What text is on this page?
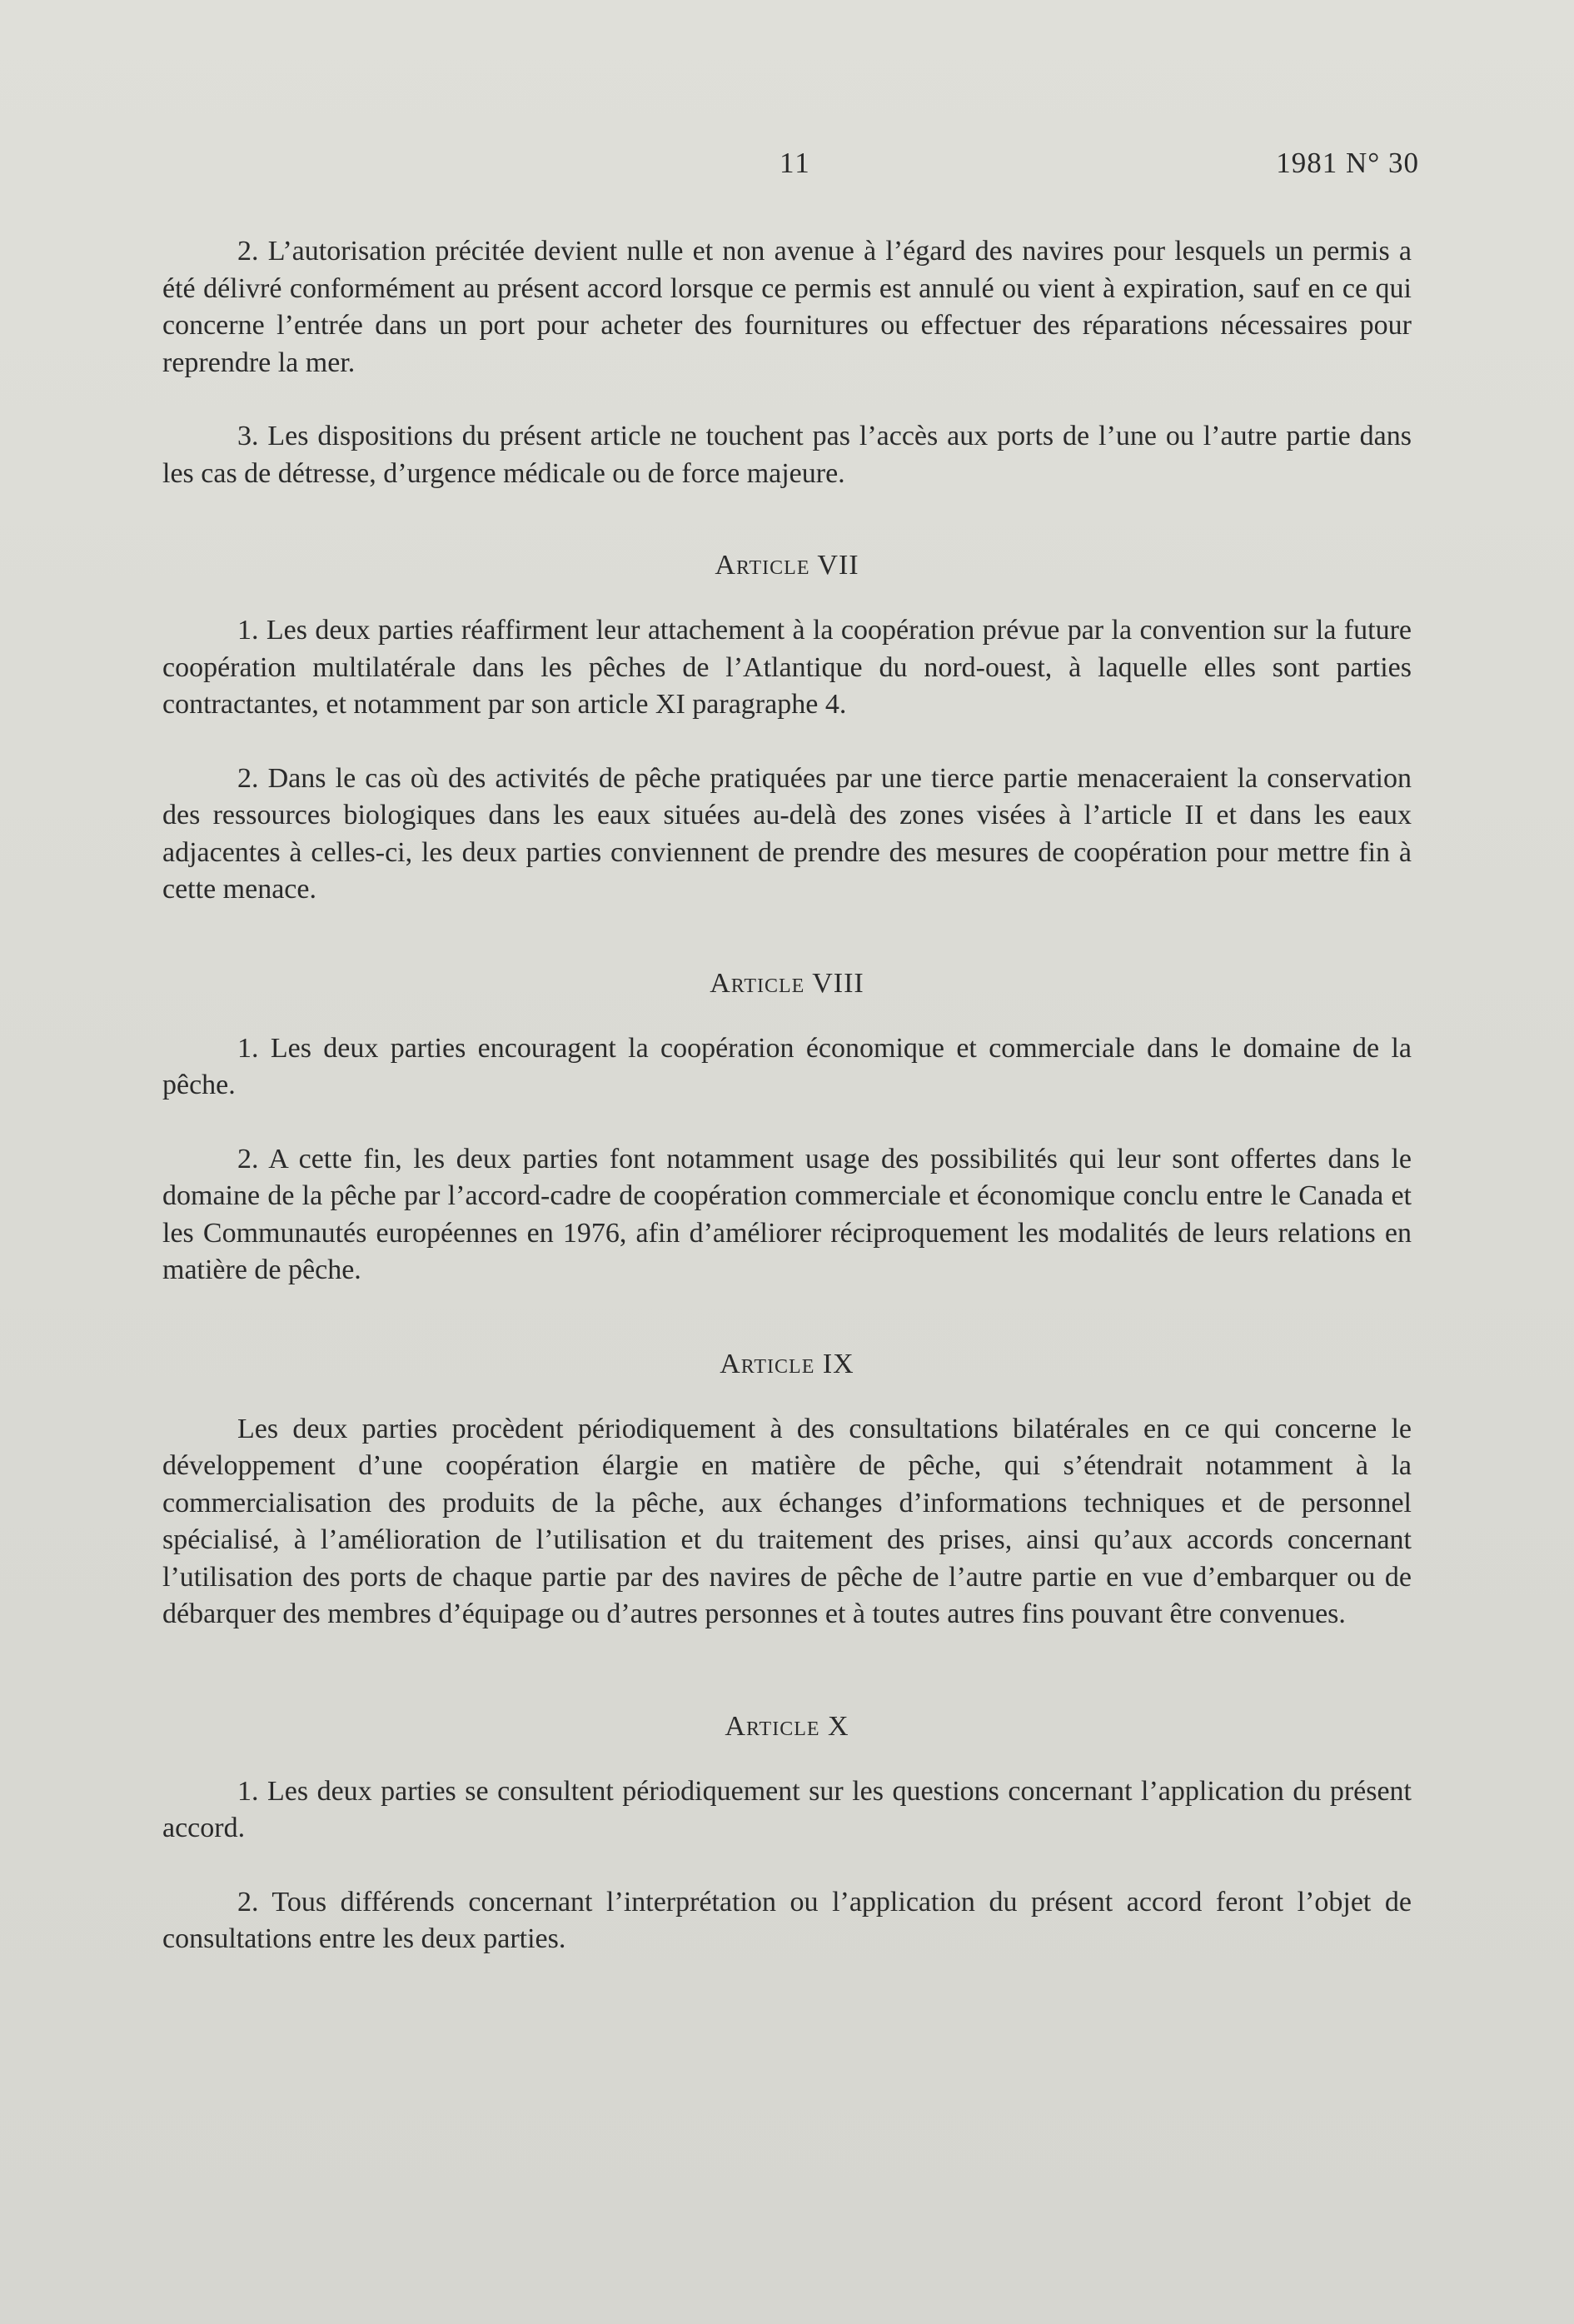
11	1981 N° 30

2. L’autorisation précitée devient nulle et non avenue à l’égard des navires pour lesquels un permis a été délivré conformément au présent accord lorsque ce permis est annulé ou vient à expiration, sauf en ce qui concerne l’entrée dans un port pour acheter des fournitures ou effectuer des réparations nécessaires pour reprendre la mer.

3. Les dispositions du présent article ne touchent pas l’accès aux ports de l’une ou l’autre partie dans les cas de détresse, d’urgence médicale ou de force majeure.

Article VII

1. Les deux parties réaffirment leur attachement à la coopération prévue par la convention sur la future coopération multilatérale dans les pêches de l’Atlantique du nord-ouest, à laquelle elles sont parties contractantes, et notamment par son article XI paragraphe 4.

2. Dans le cas où des activités de pêche pratiquées par une tierce partie menaceraient la conservation des ressources biologiques dans les eaux situées au-delà des zones visées à l’article II et dans les eaux adjacentes à celles-ci, les deux parties conviennent de prendre des mesures de coopération pour mettre fin à cette menace.

Article VIII

1. Les deux parties encouragent la coopération économique et commerciale dans le domaine de la pêche.

2. A cette fin, les deux parties font notamment usage des possibilités qui leur sont offertes dans le domaine de la pêche par l’accord-cadre de coopération commerciale et économique conclu entre le Canada et les Communautés européennes en 1976, afin d’améliorer réciproquement les modalités de leurs relations en matière de pêche.

Article IX

Les deux parties procèdent périodiquement à des consultations bilatérales en ce qui concerne le développement d’une coopération élargie en matière de pêche, qui s’étendrait notamment à la commercialisation des produits de la pêche, aux échanges d’informations techniques et de personnel spécialisé, à l’amélioration de l’utilisation et du traitement des prises, ainsi qu’aux accords concernant l’utilisation des ports de chaque partie par des navires de pêche de l’autre partie en vue d’embarquer ou de débarquer des membres d’équipage ou d’autres personnes et à toutes autres fins pouvant être convenues.

Article X

1. Les deux parties se consultent périodiquement sur les questions concernant l’application du présent accord.

2. Tous différends concernant l’interprétation ou l’application du présent accord feront l’objet de consultations entre les deux parties.
